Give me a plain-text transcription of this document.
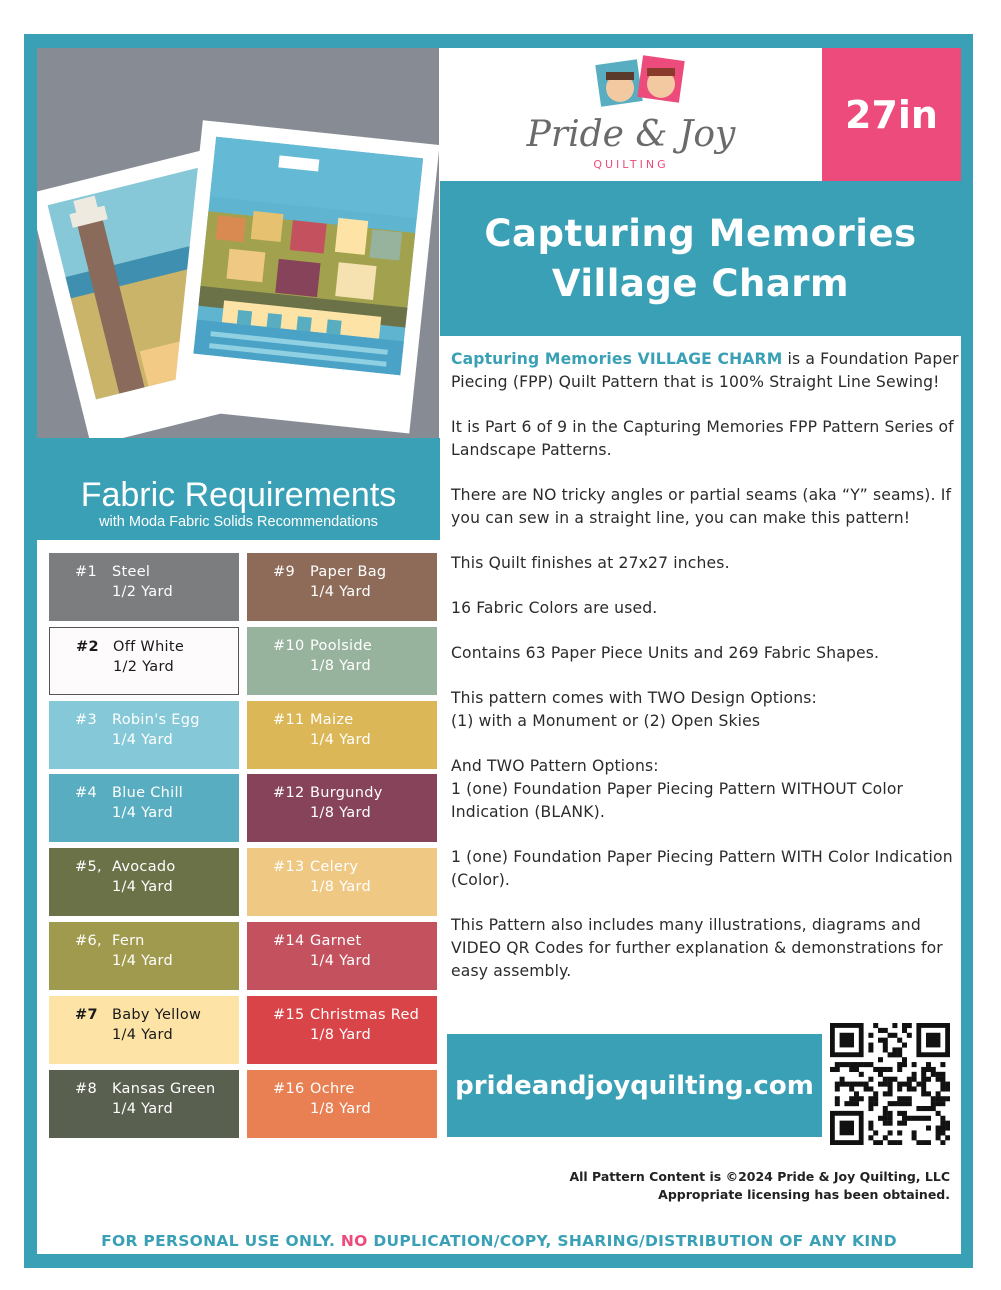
Pride & Joy
QUILTING
27in
Capturing Memories
Village Charm
Fabric Requirements
with Moda Fabric Solids Recommendations
#1 Steel
1/2 Yard
#2 Off White
1/2 Yard
#3 Robin's Egg
1/4 Yard
#4 Blue Chill
1/4 Yard
#5, Avocado
1/4 Yard
#6, Fern
1/4 Yard
#7 Baby Yellow
1/4 Yard
#8 Kansas Green
1/4 Yard
#9 Paper Bag
1/4 Yard
#10 Poolside
1/8 Yard
#11 Maize
1/4 Yard
#12 Burgundy
1/8 Yard
#13 Celery
1/8 Yard
#14 Garnet
1/4 Yard
#15 Christmas Red
1/8 Yard
#16 Ochre
1/8 Yard

Capturing Memories VILLAGE CHARM is a Foundation Paper Piecing (FPP) Quilt Pattern that is 100% Straight Line Sewing!

It is Part 6 of 9 in the Capturing Memories FPP Pattern Series of Landscape Patterns.

There are NO tricky angles or partial seams (aka “Y” seams). If you can sew in a straight line, you can make this pattern!

This Quilt finishes at 27x27 inches.

16 Fabric Colors are used.

Contains 63 Paper Piece Units and 269 Fabric Shapes.

This pattern comes with TWO Design Options:
(1) with a Monument or (2) Open Skies

And TWO Pattern Options:
1 (one) Foundation Paper Piecing Pattern WITHOUT Color Indication (BLANK).

1 (one) Foundation Paper Piecing Pattern WITH Color Indication (Color).

This Pattern also includes many illustrations, diagrams and VIDEO QR Codes for further explanation & demonstrations for easy assembly.

prideandjoyquilting.com
All Pattern Content is ©2024 Pride & Joy Quilting, LLC
Appropriate licensing has been obtained.
FOR PERSONAL USE ONLY. NO DUPLICATION/COPY, SHARING/DISTRIBUTION OF ANY KIND
